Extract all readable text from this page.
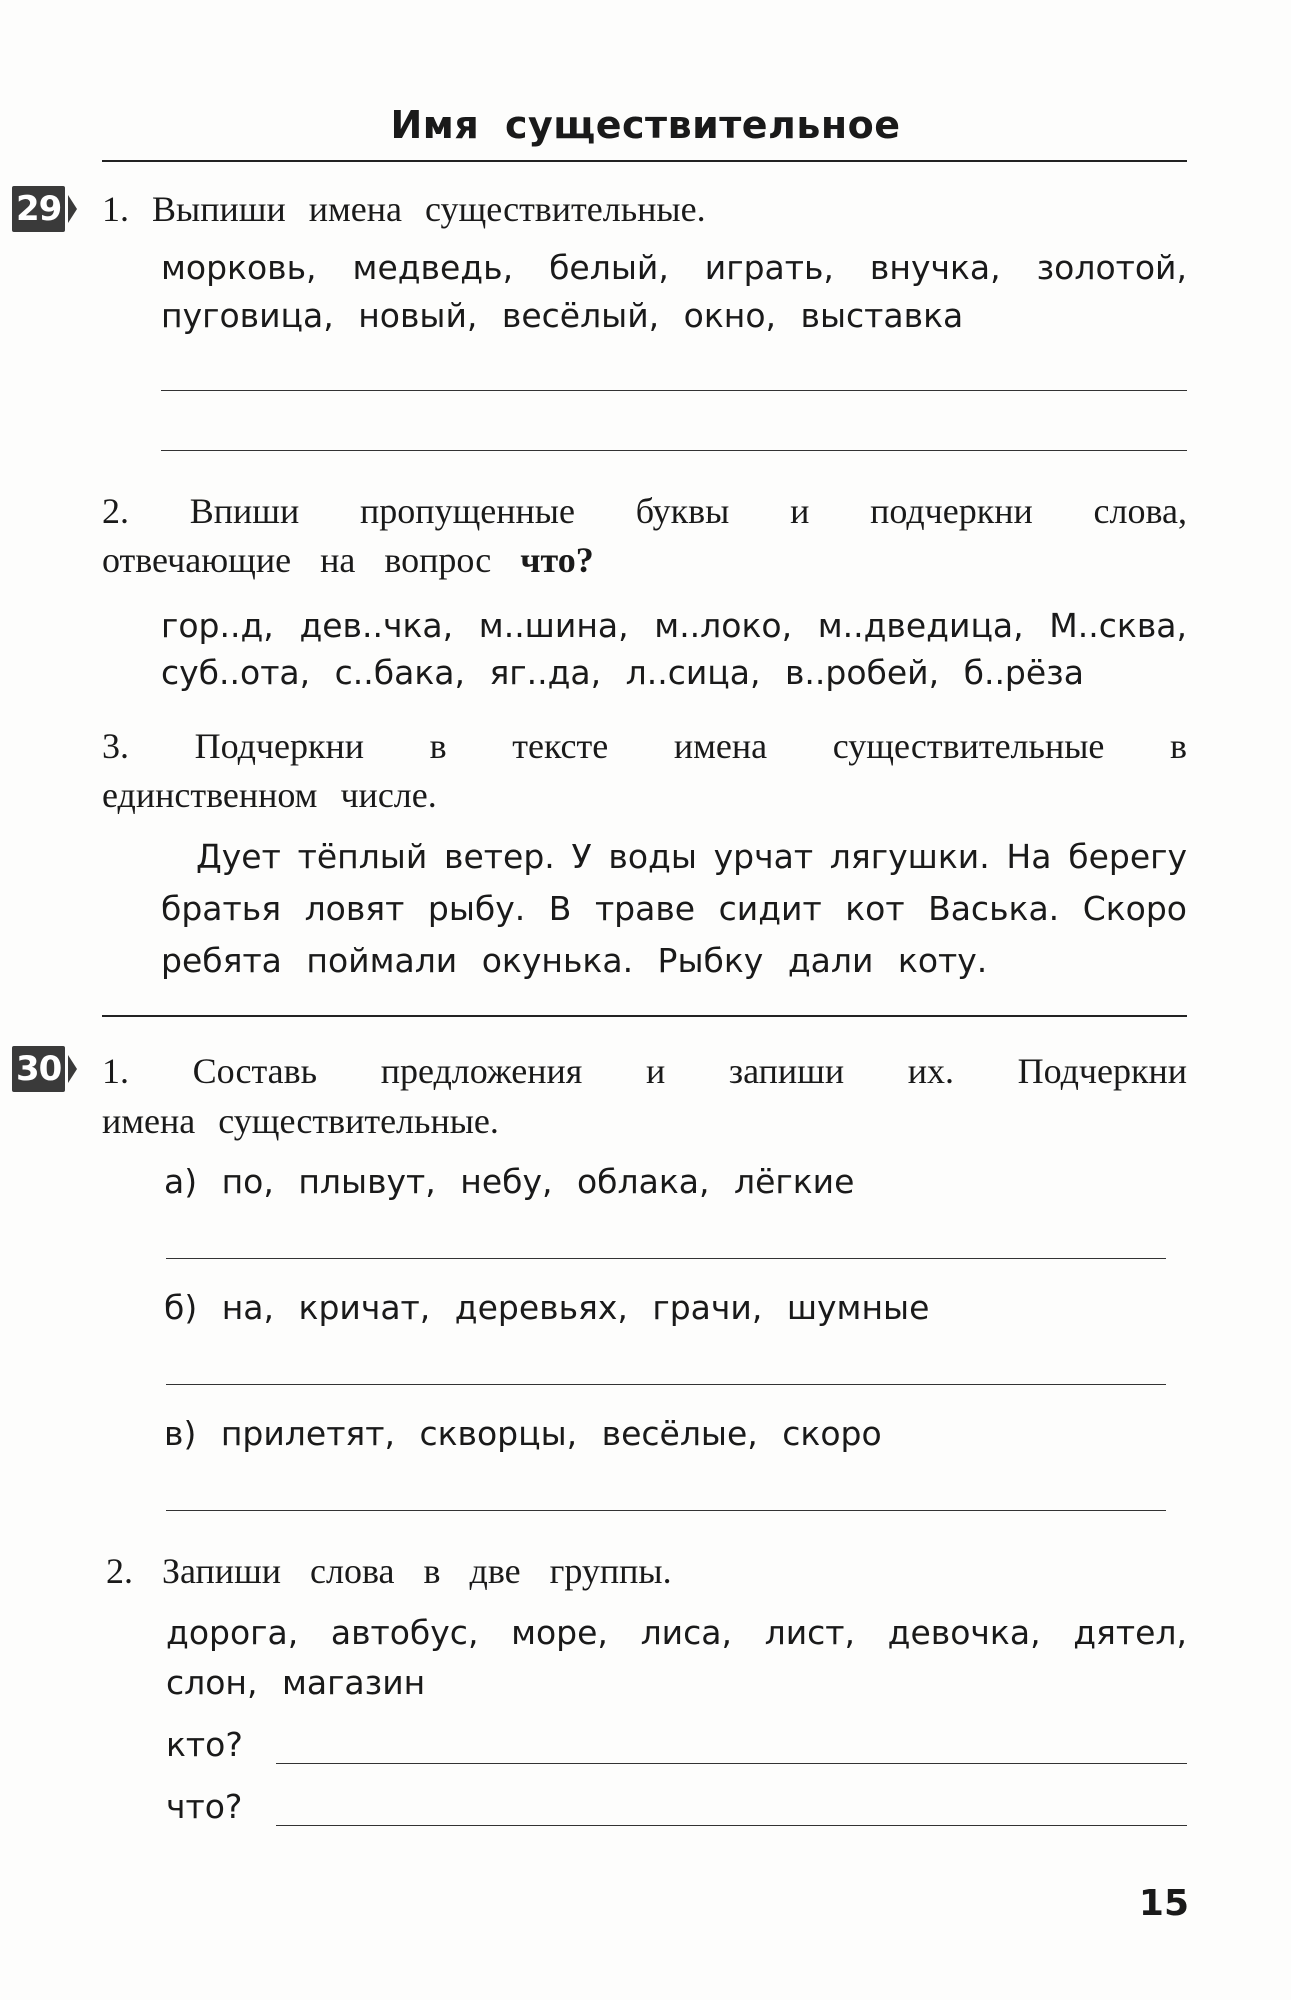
Имя существительное
29 1. Выпиши имена существительные.
морковь, медведь, белый, играть, внучка, золотой,
пуговица, новый, весёлый, окно, выставка
2. Впиши пропущенные буквы и подчеркни слова,
отвечающие на вопрос что?
гор..д, дев..чка, м..шина, м..локо, м..дведица, М..сква,
суб..ота, с..бака, яг..да, л..сица, в..робей, б..рёза
3. Подчеркни в тексте имена существительные в
единственном числе.
Дует тёплый ветер. У воды урчат лягушки. На берегу
братья ловят рыбу. В траве сидит кот Васька. Скоро
ребята поймали окунька. Рыбку дали коту.
30 1. Составь предложения и запиши их. Подчеркни
имена существительные.
а) по, плывут, небу, облака, лёгкие
б) на, кричат, деревьях, грачи, шумные
в) прилетят, скворцы, весёлые, скоро
2. Запиши слова в две группы.
дорога, автобус, море, лиса, лист, девочка, дятел,
слон, магазин
кто?
что?
15
